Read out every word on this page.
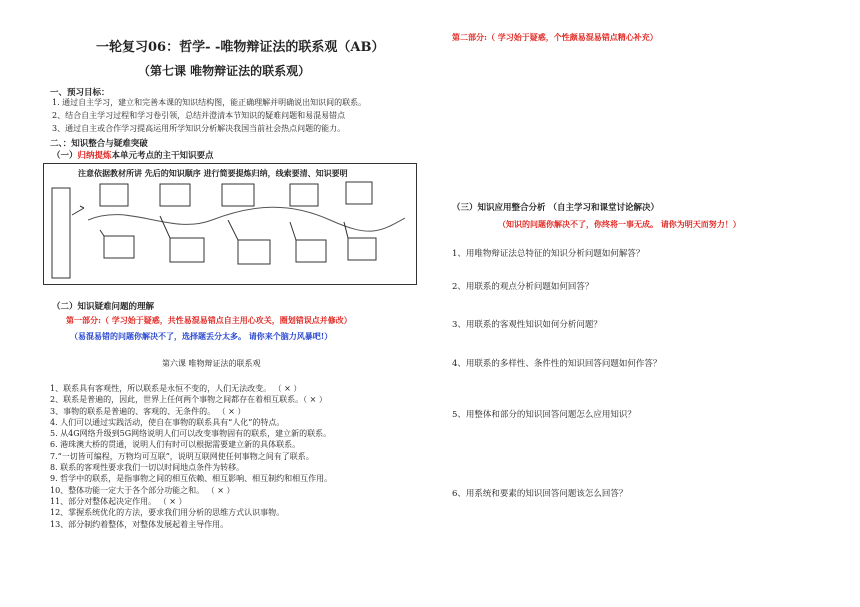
一轮复习06：哲学- -唯物辩证法的联系观（AB）
（第七课 唯物辩证法的联系观）
一、预习目标：
1. 通过自主学习，建立和完善本课的知识结构图，能正确理解并明确说出知识间的联系。
2、结合自主学习过程和学习卷引领，总结并澄清本节知识的疑难问题和易混易错点
3、通过自主或合作学习提高运用所学知识分析解决我国当前社会热点问题的能力。
二、：知识整合与疑难突破
（一）归纳提炼本单元考点的主干知识要点
注意依据教材所讲 先后的知识顺序 进行简要提炼归纳，线索要清、知识要明
（二）知识疑难问题的理解
第一部分:（ 学习始于疑惑，共性易混易错点自主用心攻关，圈划错误点并修改）
（易混易错的问题你解决不了，选择题丢分太多。 请你来个脑力风暴吧!）
第六课 唯物辩证法的联系观
1、联系具有客观性，所以联系是永恒不变的，人们无法改变。 （ × ）
2、联系是普遍的，因此，世界上任何两个事物之间都存在着相互联系。（ × ）
3、事物的联系是普遍的、客观的、无条件的。 （ × ）
4. 人们可以通过实践活动，使自在事物的联系具有“人化”的特点。
5. 从4G网络升级到5G网络说明人们可以改变事物固有的联系，建立新的联系。
6. 港珠澳大桥的贯通，说明人们有时可以根据需要建立新的具体联系。
7.“一切皆可编程，万物均可互联”，说明互联网使任何事物之间有了联系。
8. 联系的客观性要求我们一切以时间地点条件为转移。
9. 哲学中的联系，是指事物之间的相互依赖、相互影响、相互制约和相互作用。
10、整体功能一定大于各个部分功能之和。 （ × ）
11、部分对整体起决定作用。 （ × ）
12、掌握系统优化的方法，要求我们用分析的思维方式认识事物。
13、部分制约着整体，对整体发展起着主导作用。
第二部分:（ 学习始于疑惑，个性颇易混易错点精心补充）
（三）知识应用整合分析 （自主学习和课堂讨论解决）
（知识的问题你解决不了，你终将一事无成。 请你为明天而努力！）
1、用唯物辩证法总特征的知识分析问题如何解答？
2、用联系的观点分析问题如何回答？
3、用联系的客观性知识如何分析问题？
4、用联系的多样性、条件性的知识回答问题如何作答？
5、用整体和部分的知识回答问题怎么应用知识？
6、用系统和要素的知识回答问题该怎么回答？
